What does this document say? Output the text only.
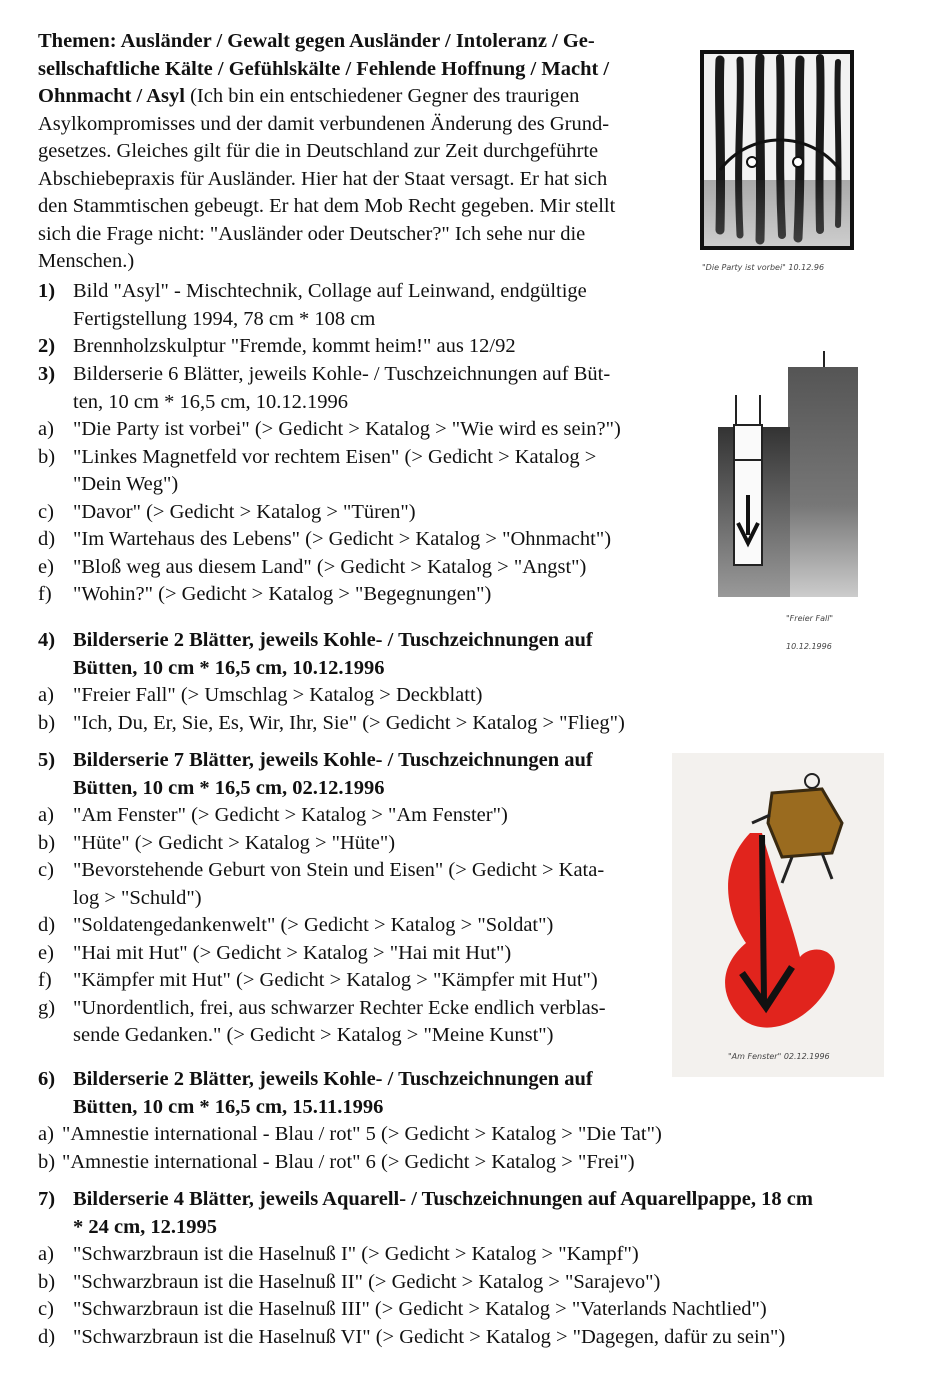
Themen: Ausländer / Gewalt gegen Ausländer / Intoleranz / Ge-
sellschaftliche Kälte / Gefühlskälte / Fehlende Hoffnung / Macht /
Ohnmacht / Asyl (Ich bin ein entschiedener Gegner des traurigen
Asylkompromisses und der damit verbundenen Änderung des Grund-
gesetzes. Gleiches gilt für die in Deutschland zur Zeit durchgeführte
Abschiebepraxis für Ausländer. Hier hat der Staat versagt. Er hat sich
den Stammtischen gebeugt. Er hat dem Mob Recht gegeben. Mir stellt
sich die Frage nicht: "Ausländer oder Deutscher?" Ich sehe nur die
Menschen.)
1) Bild "Asyl" - Mischtechnik, Collage auf Leinwand, endgültige
Fertigstellung 1994, 78 cm * 108 cm
2) Brennholzskulptur "Fremde, kommt heim!" aus 12/92
3) Bilderserie 6 Blätter, jeweils Kohle- / Tuschzeichnungen auf Büt-
ten, 10 cm * 16,5 cm, 10.12.1996
a) "Die Party ist vorbei" (> Gedicht > Katalog > "Wie wird es sein?")
b) "Linkes Magnetfeld vor rechtem Eisen" (> Gedicht > Katalog >
"Dein Weg")
c) "Davor" (> Gedicht > Katalog > "Türen")
d) "Im Wartehaus des Lebens" (> Gedicht > Katalog > "Ohnmacht")
e) "Bloß weg aus diesem Land" (> Gedicht > Katalog > "Angst")
f)	"Wohin?" (> Gedicht > Katalog > "Begegnungen")
4) Bilderserie 2 Blätter, jeweils Kohle- / Tuschzeichnungen auf
Bütten, 10 cm * 16,5 cm, 10.12.1996
a) "Freier Fall" (> Umschlag > Katalog > Deckblatt)
b) "Ich, Du, Er, Sie, Es, Wir, Ihr, Sie" (> Gedicht > Katalog > "Flieg")
5) Bilderserie 7 Blätter, jeweils Kohle- / Tuschzeichnungen auf
Bütten, 10 cm * 16,5 cm, 02.12.1996
a) "Am Fenster" (> Gedicht > Katalog > "Am Fenster")
b) "Hüte" (> Gedicht > Katalog > "Hüte")
c) "Bevorstehende Geburt von Stein und Eisen" (> Gedicht > Kata-
log > "Schuld")
d) "Soldatengedankenwelt" (> Gedicht > Katalog > "Soldat")
e) "Hai mit Hut" (> Gedicht > Katalog > "Hai mit Hut")
f)	"Kämpfer mit Hut" (> Gedicht > Katalog > "Kämpfer mit Hut")
g) "Unordentlich, frei, aus schwarzer Rechter Ecke endlich verblas-
sende Gedanken." (> Gedicht > Katalog > "Meine Kunst")
6) Bilderserie 2 Blätter, jeweils Kohle- / Tuschzeichnungen auf
Bütten, 10 cm * 16,5 cm, 15.11.1996
a) "Amnestie international - Blau / rot" 5 (> Gedicht > Katalog > "Die Tat")
b) "Amnestie international - Blau / rot" 6 (> Gedicht > Katalog > "Frei")
7) Bilderserie 4 Blätter, jeweils Aquarell- / Tuschzeichnungen auf Aquarellpappe, 18 cm
* 24 cm, 12.1995
a) "Schwarzbraun ist die Haselnuß I" (> Gedicht > Katalog > "Kampf")
b) "Schwarzbraun ist die Haselnuß II" (> Gedicht > Katalog > "Sarajevo")
c) "Schwarzbraun ist die Haselnuß III" (> Gedicht > Katalog > "Vaterlands Nachtlied")
d) "Schwarzbraun ist die Haselnuß VI" (> Gedicht > Katalog > "Dagegen, dafür zu sein")
"Die Party ist vorbei" 10.12.96
"Freier Fall"
10.12.1996
"Am Fenster" 02.12.1996
